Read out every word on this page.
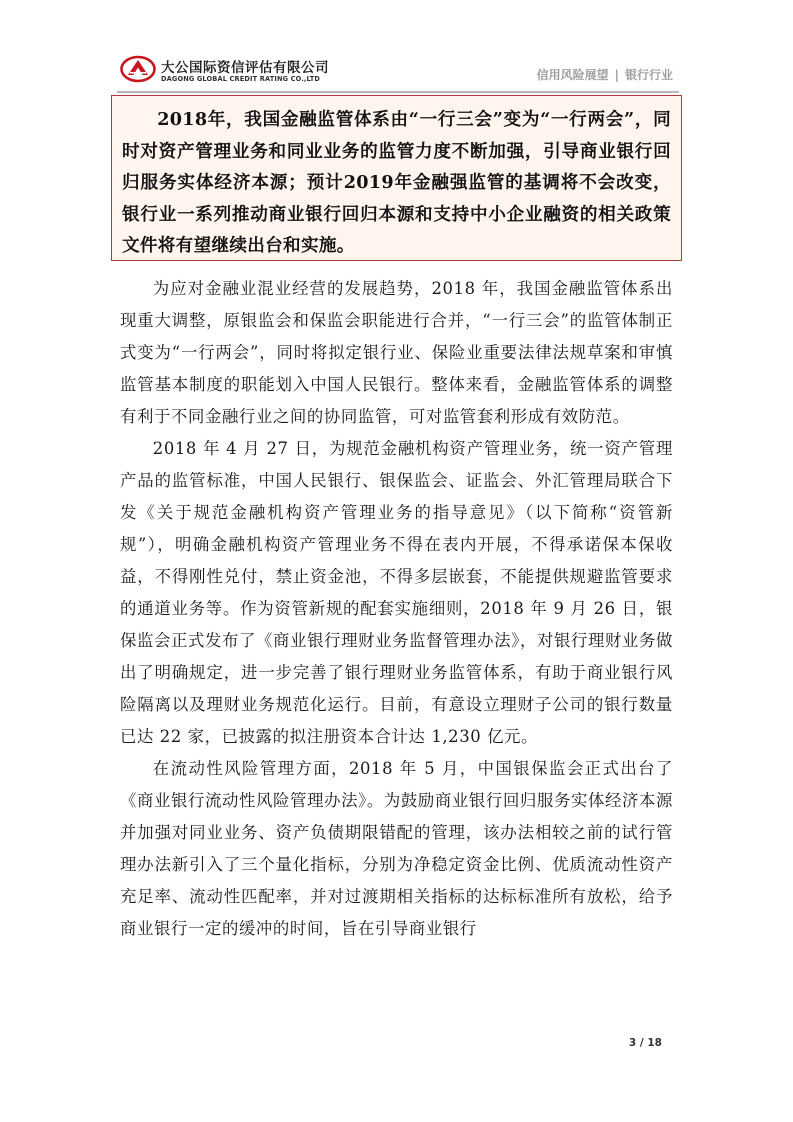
大公国际资信评估有限公司
DAGONG GLOBAL CREDIT RATING CO.,LTD	信用风险展望 | 银行行业

2018年，我国金融监管体系由“一行三会”变为“一行两会”，同时对资产管理业务和同业业务的监管力度不断加强，引导商业银行回归服务实体经济本源；预计2019年金融强监管的基调将不会改变，银行业一系列推动商业银行回归本源和支持中小企业融资的相关政策文件将有望继续出台和实施。

为应对金融业混业经营的发展趋势，2018 年，我国金融监管体系出现重大调整，原银监会和保监会职能进行合并，“一行三会”的监管体制正式变为“一行两会”，同时将拟定银行业、保险业重要法律法规草案和审慎监管基本制度的职能划入中国人民银行。整体来看，金融监管体系的调整有利于不同金融行业之间的协同监管，可对监管套利形成有效防范。

2018 年 4 月 27 日，为规范金融机构资产管理业务，统一资产管理产品的监管标准，中国人民银行、银保监会、证监会、外汇管理局联合下发《关于规范金融机构资产管理业务的指导意见》（以下简称“资管新规”），明确金融机构资产管理业务不得在表内开展，不得承诺保本保收益，不得刚性兑付，禁止资金池，不得多层嵌套，不能提供规避监管要求的通道业务等。作为资管新规的配套实施细则，2018 年 9 月 26 日，银保监会正式发布了《商业银行理财业务监督管理办法》，对银行理财业务做出了明确规定，进一步完善了银行理财业务监管体系，有助于商业银行风险隔离以及理财业务规范化运行。目前，有意设立理财子公司的银行数量已达 22 家，已披露的拟注册资本合计达 1,230 亿元。

在流动性风险管理方面，2018 年 5 月，中国银保监会正式出台了《商业银行流动性风险管理办法》。为鼓励商业银行回归服务实体经济本源并加强对同业业务、资产负债期限错配的管理，该办法相较之前的试行管理办法新引入了三个量化指标，分别为净稳定资金比例、优质流动性资产充足率、流动性匹配率，并对过渡期相关指标的达标标准所有放松，给予商业银行一定的缓冲的时间，旨在引导商业银行

3 / 18
